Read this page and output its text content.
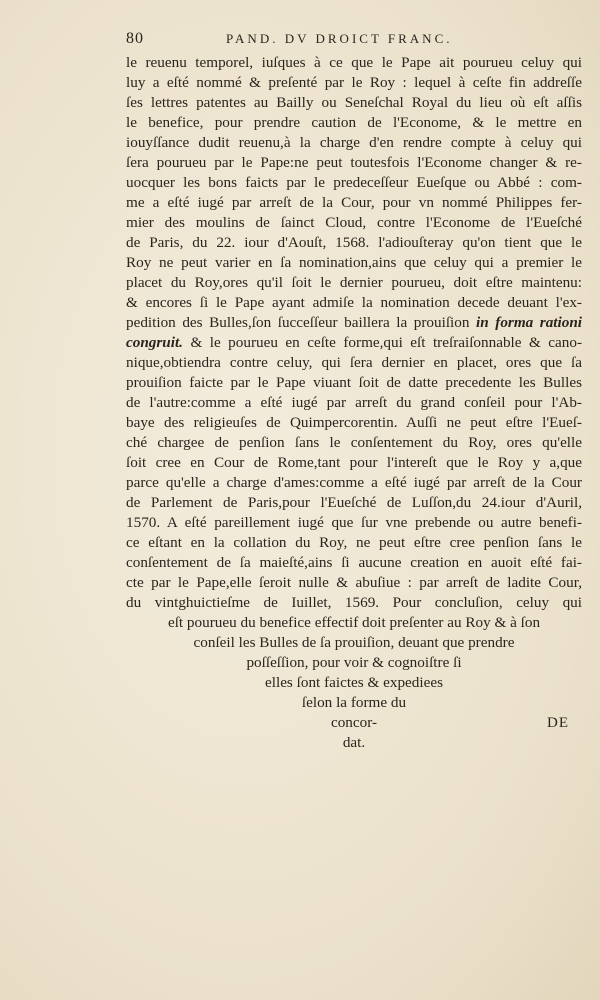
80	PAND. DV DROICT FRANC.
le reuenu temporel, iuſques à ce que le Pape ait pourueu celuy qui
luy a eſté nommé & preſenté par le Roy : lequel à ceſte fin addreſſe
ſes lettres patentes au Bailly ou Seneſchal Royal du lieu où eſt aſſis
le benefice, pour prendre caution de l'Econome, & le mettre en
iouyſſance dudit reuenu,à la charge d'en rendre compte à celuy qui
ſera pourueu par le Pape:ne peut toutesfois l'Econome changer & re-
uocquer les bons faicts par le predeceſſeur Eueſque ou Abbé : com-
me a eſté iugé par arreſt de la Cour, pour vn nommé Philippes fer-
mier des moulins de ſainct Cloud, contre l'Econome de l'Eueſché
de Paris, du 22. iour d'Aouſt, 1568. l'adiouſteray qu'on tient que le
Roy ne peut varier en ſa nomination,ains que celuy qui a premier le
placet du Roy,ores qu'il ſoit le dernier pourueu, doit eſtre maintenu:
& encores ſi le Pape ayant admiſe la nomination decede deuant l'ex-
pedition des Bulles,ſon ſucceſſeur baillera la prouiſion in forma rationi
congruit. & le pourueu en ceſte forme,qui eſt treſraiſonnable & cano-
nique,obtiendra contre celuy, qui ſera dernier en placet, ores que ſa
prouiſion faicte par le Pape viuant ſoit de datte precedente les Bulles
de l'autre:comme a eſté iugé par arreſt du grand conſeil pour l'Ab-
baye des religieuſes de Quimpercorentin. Auſſi ne peut eſtre l'Eueſ-
ché chargee de penſion ſans le conſentement du Roy, ores qu'elle
ſoit cree en Cour de Rome,tant pour l'intereſt que le Roy y a,que
parce qu'elle a charge d'ames:comme a eſté iugé par arreſt de la Cour
de Parlement de Paris,pour l'Eueſché de Luſſon,du 24.iour d'Auril,
1570. A eſté pareillement iugé que ſur vne prebende ou autre benefi-
ce eſtant en la collation du Roy, ne peut eſtre cree penſion ſans le
conſentement de ſa maieſté,ains ſi aucune creation en auoit eſté fai-
cte par le Pape,elle ſeroit nulle & abuſiue : par arreſt de ladite Cour,
du vintghuictieſme de Iuillet, 1569. Pour concluſion, celuy qui
eſt pourueu du benefice effectif doit preſenter au Roy & à ſon
conſeil les Bulles de ſa prouiſion, deuant que prendre
poſſeſſion, pour voir & cognoiſtre ſi
elles ſont faictes & expediees
ſelon la forme du
concor-
dat.
DE
